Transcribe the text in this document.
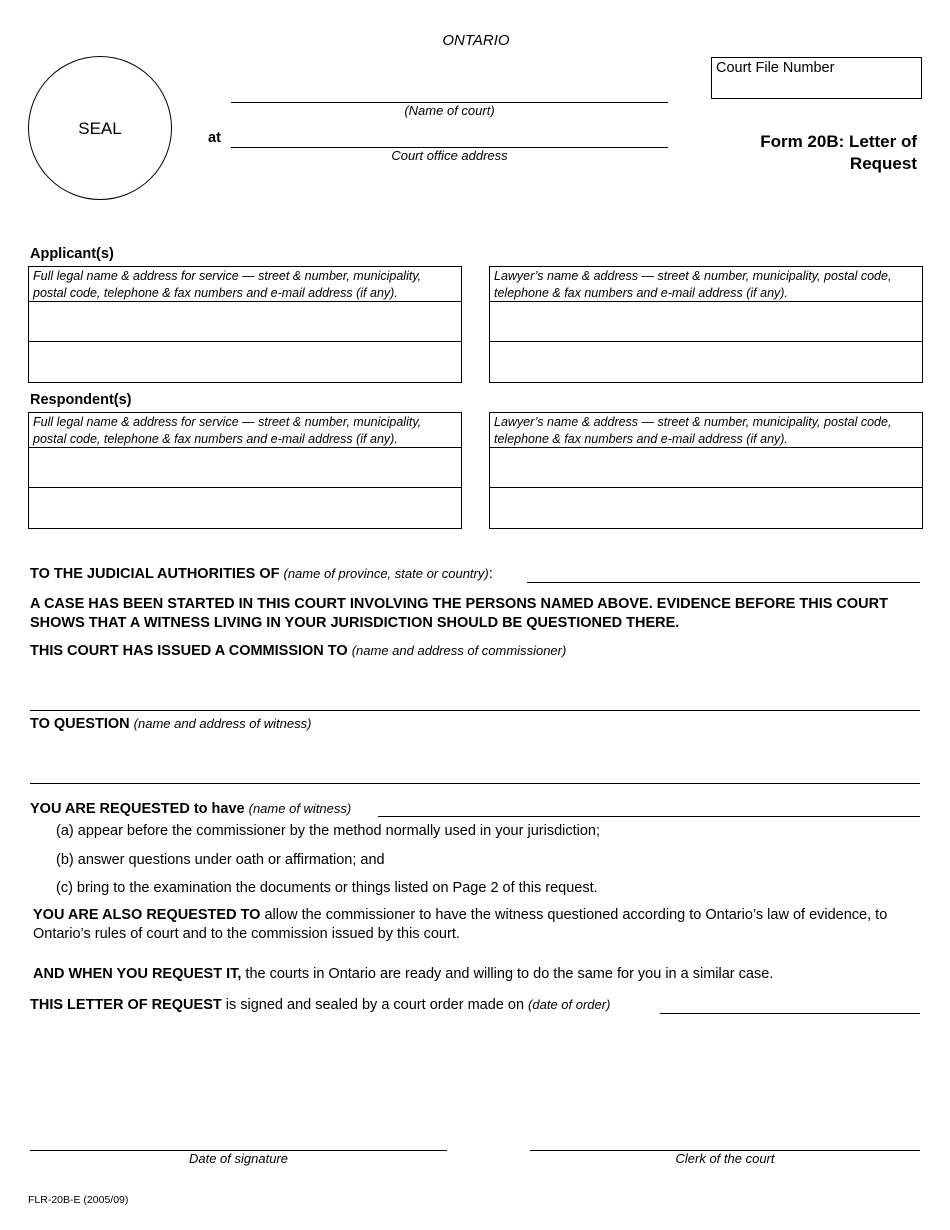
ONTARIO
SEAL
(Name of court)
at
Court office address
Court File Number
Form 20B: Letter of
Request
Applicant(s)
Full legal name & address for service — street & number, municipality, postal code, telephone & fax numbers and e-mail address (if any).
Lawyer’s name & address — street & number, municipality, postal code, telephone & fax numbers and e-mail address (if any).
Respondent(s)
Full legal name & address for service — street & number, municipality, postal code, telephone & fax numbers and e-mail address (if any).
Lawyer’s name & address — street & number, municipality, postal code, telephone & fax numbers and e-mail address (if any).
TO THE JUDICIAL AUTHORITIES OF (name of province, state or country):
A CASE HAS BEEN STARTED IN THIS COURT INVOLVING THE PERSONS NAMED ABOVE. EVIDENCE BEFORE THIS COURT SHOWS THAT A WITNESS LIVING IN YOUR JURISDICTION SHOULD BE QUESTIONED THERE.
THIS COURT HAS ISSUED A COMMISSION TO (name and address of commissioner)
TO QUESTION (name and address of witness)
YOU ARE REQUESTED to have (name of witness)
(a) appear before the commissioner by the method normally used in your jurisdiction;
(b) answer questions under oath or affirmation; and
(c) bring to the examination the documents or things listed on Page 2 of this request.
YOU ARE ALSO REQUESTED TO allow the commissioner to have the witness questioned according to Ontario’s law of evidence, to Ontario’s rules of court and to the commission issued by this court.
AND WHEN YOU REQUEST IT, the courts in Ontario are ready and willing to do the same for you in a similar case.
THIS LETTER OF REQUEST is signed and sealed by a court order made on (date of order)
Date of signature	Clerk of the court
FLR-20B-E (2005/09)
